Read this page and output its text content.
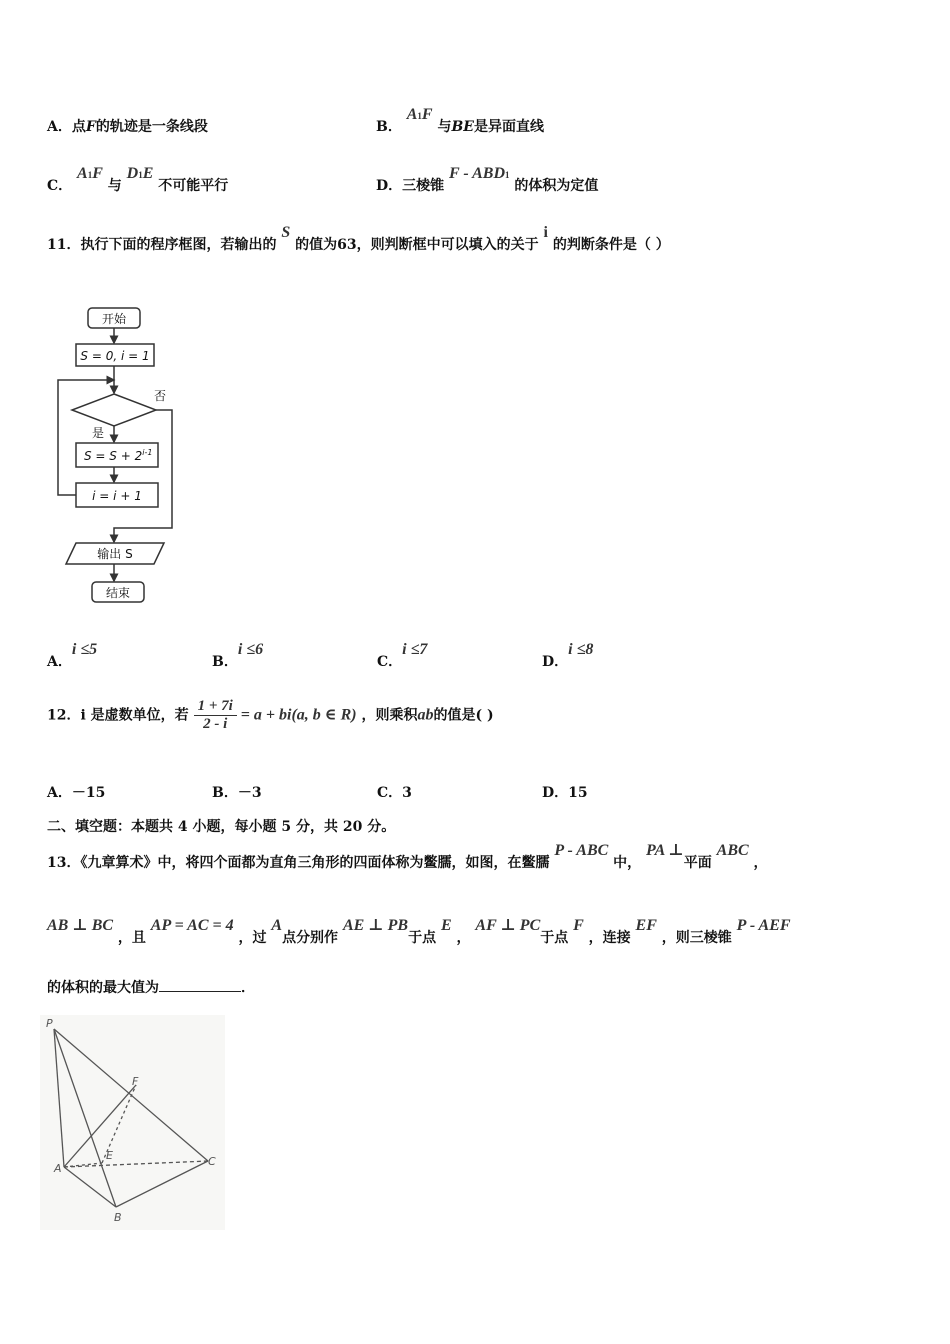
A．点F的轨迹是一条线段	B． A1F 与BE是异面直线
C． A1F 与 D1E 不可能平行	D．三棱锥 F - ABD1 的体积为定值
11．执行下面的程序框图，若输出的 S 的值为63，则判断框中可以填入的关于 i 的判断条件是（ ）
开始
S = 0, i = 1
否
是
$S = S + 2^{i-1}$
i = i + 1
输出 S
结束
A．i ≤5
B．i ≤6
C．i ≤7
D．i ≤8
12．i 是虚数单位，若 $\frac{1 + 7i}{2 - i} = a + bi(a$, b ∈ R) ，则乘积ab的值是( )
A．－15	B．－3	C．3	D．15
二、填空题：本题共 4 小题，每小题 5 分，共 20 分。
13．《九章算术》中，将四个面都为直角三角形的四面体称为鳖臑，如图，在鳖臑 P - ABC 中， PA ⊥平面 ABC ，
AB ⊥ BC ，且 AP = AC = 4 ，过 A点分别作 AE ⊥ PB于点 E ， AF ⊥ PC于点 F ，连接 EF ，则三棱锥 P - AEF
的体积的最大值为	．
P
A
B
C
E
F
